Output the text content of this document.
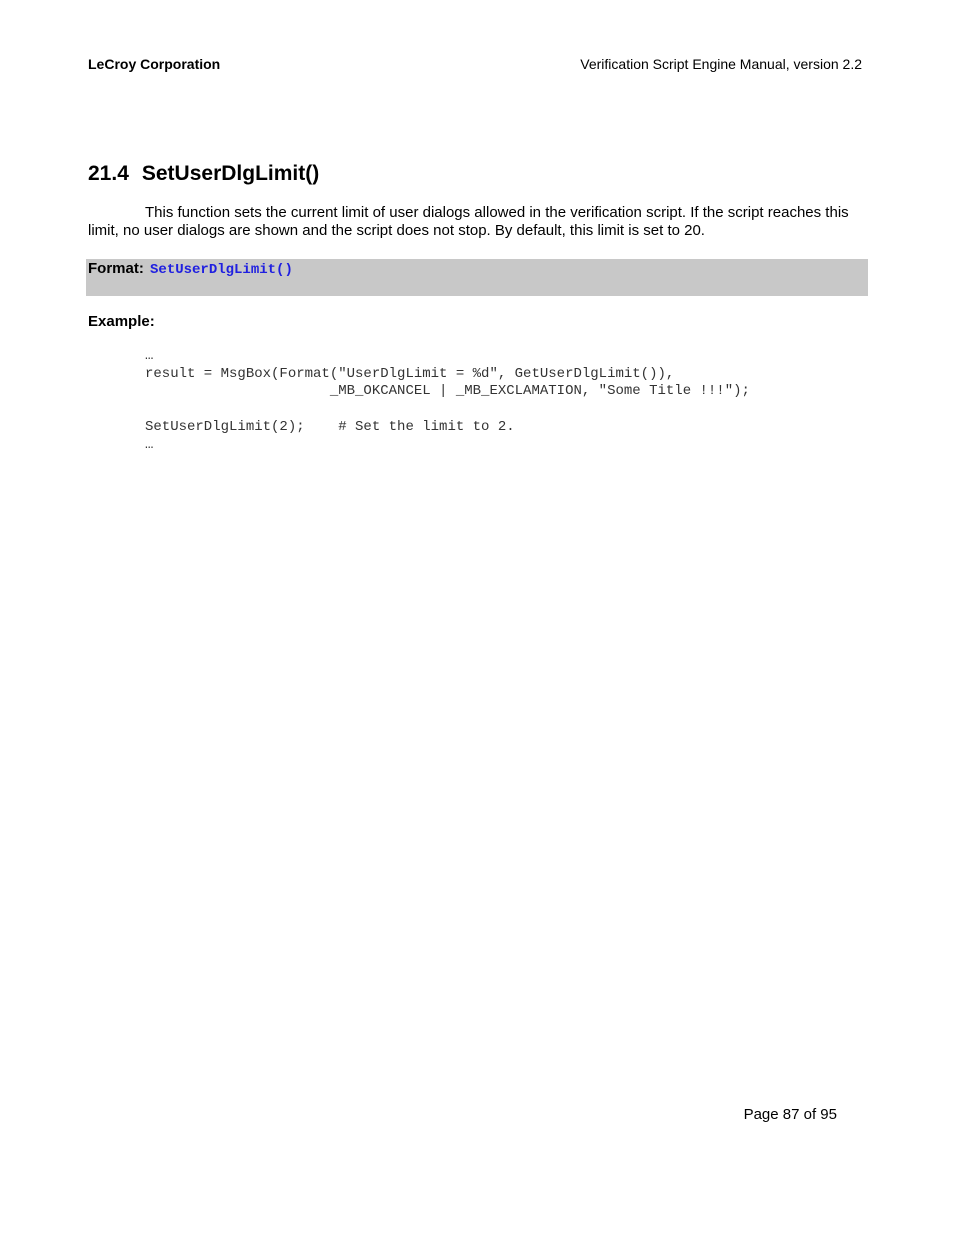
LeCroy Corporation	Verification Script Engine Manual, version 2.2
21.4 SetUserDlgLimit()

This function sets the current limit of user dialogs allowed in the verification script. If the script reaches this limit, no user dialogs are shown and the script does not stop. By default, this limit is set to 20.

Format: SetUserDlgLimit()
Example:
…
result = MsgBox(Format("UserDlgLimit = %d", GetUserDlgLimit()),
_MB_OKCANCEL | _MB_EXCLAMATION, "Some Title !!!");
SetUserDlgLimit(2);    # Set the limit to 2.
…
Page 87 of 95
